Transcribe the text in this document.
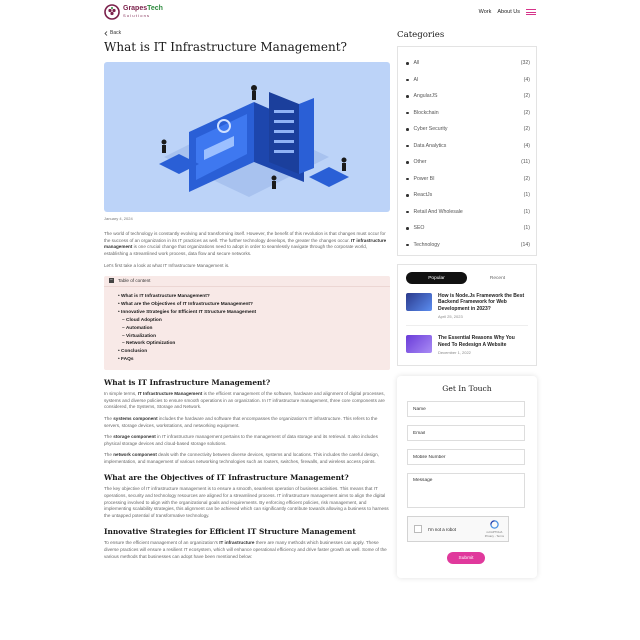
GrapesTech
Solutions
Work About Us
Back
What is IT Infrastructure Management?
January 4, 2024

The world of technology is constantly evolving and transforming itself. However, the benefit of this revolution is that changes must occur for the success of an organization in its IT practices as well. The further technology develops, the greater the changes occur. IT infrastructure management is one crucial change that organizations need to adopt in order to seamlessly navigate through the corporate world, establishing a streamlined work process, data flow and secure networks.

Let's first take a look at what IT Infrastructure Management is.

− Table of content
• What is IT Infrastructure Management?
• What are the Objectives of IT Infrastructure Management?
• Innovative Strategies for Efficient IT Structure Management
– Cloud Adoption
– Automation
– Virtualization
– Network Optimization
• Conclusion
• FAQs
What is IT Infrastructure Management?

In simple terms, IT Infrastructure Management is the efficient management of the software, hardware and alignment of digital processes, systems and diverse policies to ensure smooth operations in an organization. In IT infrastructure management, three core components are considered, the Systems, Storage and Network.

The systems component includes the hardware and software that encompasses the organization's IT infrastructure. This refers to the servers, storage devices, workstations, and networking equipment.

The storage component in IT infrastructure management pertains to the management of data storage and its retrieval. It also includes physical storage devices and cloud-based storage solutions.

The network component deals with the connectivity between diverse devices, systems and locations. This includes the careful design, implementation, and management of various networking technologies such as routers, switches, firewalls, and wireless access points.

What are the Objectives of IT Infrastructure Management?

The key objective of IT infrastructure management is to ensure a smooth, seamless operation of business activities. This means that IT operations, security and technology resources are aligned for a streamlined process. IT infrastructure management aims to align the digital processing involved to align with the organizational goals and requirements. By enforcing efficient policies, risk management, and implementing scalability strategies, this alignment can be achieved which can significantly contribute towards allowing a business to harness the untapped potential of transformative technology.

Innovative Strategies for Efficient IT Structure Management

To ensure the efficient management of an organization's IT infrastructure there are many methods which businesses can apply. These diverse practices will ensure a resilient IT ecosystem, which will enhance operational efficiency and drive faster growth as well. Some of the various methods that businesses can adopt have been mentioned below:

Categories
All	(32)
AI	(4)
AngularJS	(2)
Blockchain	(2)
Cyber Security	(2)
Data Analytics	(4)
Other	(11)
Power BI	(2)
ReactJs	(1)
Retail And Wholesale	(1)
SEO	(1)
Technology	(14)
Popular	Recent
How is Node.Js Framework the Best Backend Framework for Web Development in 2023?
April 25, 2023
The Essential Reasons Why You Need To Redesign A Website
December 1, 2022
Get In Touch
Name
Email
Mobile Number
Message
I'm not a robot
reCAPTCHA
Privacy - Terms
Submit
